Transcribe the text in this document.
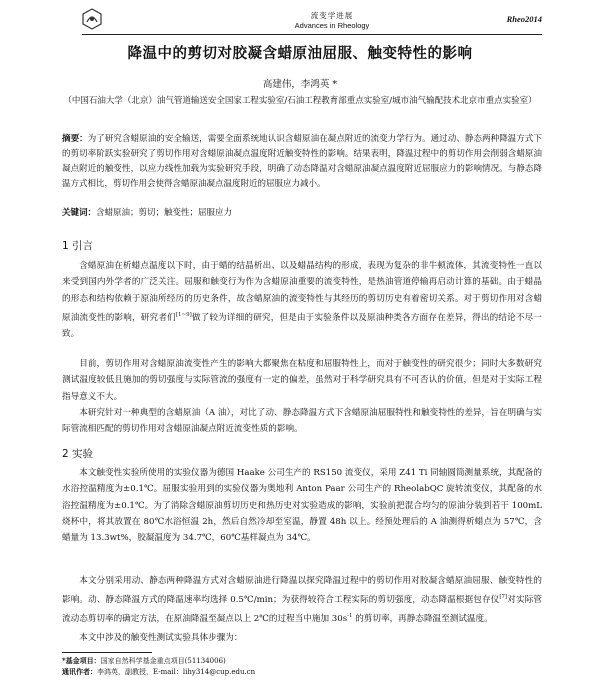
流变学进展
Advances in Rheology
Rheo2014
降温中的剪切对胶凝含蜡原油屈服、触变特性的影响
高建伟，李鸿英 *
（中国石油大学（北京）油气管道输送安全国家工程实验室/石油工程教育部重点实验室/城市油气输配技术北京市重点实验室）
摘要：为了研究含蜡原油的安全输送，需要全面系统地认识含蜡原油在凝点附近的流变力学行为。通过动、静态两种降温方式下的剪切率阶跃实验研究了剪切作用对含蜡原油凝点温度附近触变特性的影响。结果表明，降温过程中的剪切作用会削弱含蜡原油凝点附近的触变性，以应力线性加载为实验研究手段，明确了动态降温对含蜡原油凝点温度附近屈服应力的影响情况。与静态降温方式相比，剪切作用会使得含蜡原油凝点温度附近的屈服应力减小。
关键词：含蜡原油；剪切；触变性；屈服应力
1 引言

含蜡原油在析蜡点温度以下时，由于蜡的结晶析出、以及蜡晶结构的形成，表现为复杂的非牛顿流体，其流变特性一直以来受到国内外学者的广泛关注。屈服和触变行为作为含蜡原油重要的流变特性，是热油管道停输再启动计算的基础。由于蜡晶的形态和结构依赖于原油所经历的历史条件，故含蜡原油的流变特性与其经历的剪切历史有着密切关系。对于剪切作用对含蜡原油流变性的影响，研究者们[1~9]做了较为详细的研究，但是由于实验条件以及原油种类各方面存在差异，得出的结论不尽一致。

目前，剪切作用对含蜡原油流变性产生的影响大都聚焦在粘度和屈服特性上，而对于触变性的研究很少；同时大多数研究测试温度较低且施加的剪切强度与实际管流的强度有一定的偏差，虽然对于科学研究具有不可否认的价值，但是对于实际工程指导意义不大。

本研究针对一种典型的含蜡原油（A 油），对比了动、静态降温方式下含蜡原油屈服特性和触变特性的差异，旨在明确与实际管流相匹配的剪切作用对含蜡原油凝点附近流变性质的影响。

2 实验

本文触变性实验所使用的实验仪器为德国 Haake 公司生产的 RS150 流变仪，采用 Z41 Ti 同轴圆筒测量系统，其配备的水浴控温精度为±0.1℃。屈服实验用到的实验仪器为奥地利 Anton Paar 公司生产的 RheolabQC 旋转流变仪，其配备的水浴控温精度为±0.1℃。为了消除含蜡原油剪切历史和热历史对实验造成的影响，实验前把混合均匀的原油分装到若干 100mL 烧杯中，将其放置在 80℃水浴恒温 2h，然后自然冷却至室温，静置 48h 以上。经预处理后的 A 油测得析蜡点为 57℃，含蜡量为 13.3wt%，胶凝温度为 34.7℃，60℃基样凝点为 34℃。

本文分别采用动、静态两种降温方式对含蜡原油进行降温以探究降温过程中的剪切作用对胶凝含蜡原油屈服、触变特性的影响。动、静态降温方式的降温速率均选择 0.5℃/min；为获得较符合工程实际的剪切强度，动态降温根据包存仪[7]对实际管流动态剪切率的确定方法，在原油降温至凝点以上 2℃的过程当中施加 $30s^{-1}$ 的剪切率，再静态降温至测试温度。

本文中涉及的触变性测试实验具体步骤为：

*基金项目：国家自然科学基金重点项目(51134006)
通讯作者：李鸿英，副教授，E-mail：lihy314@cup.edu.cn
